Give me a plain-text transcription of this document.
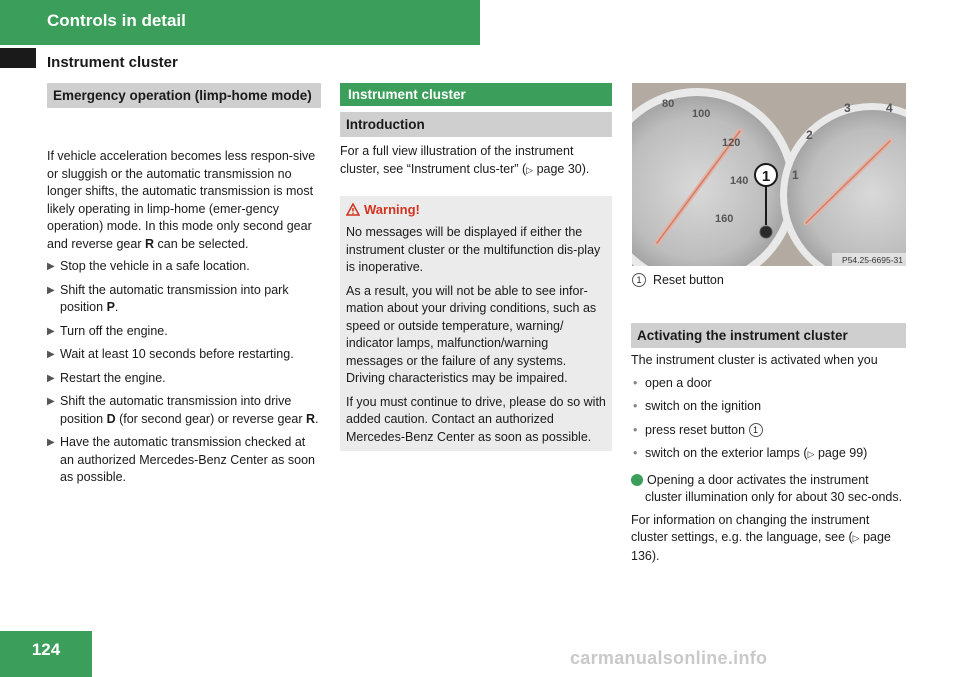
Controls in detail
Instrument cluster
Emergency operation (limp-home mode)

If vehicle acceleration becomes less respon-sive or sluggish or the automatic transmission no longer shifts, the automatic transmission is most likely operating in limp-home (emer-gency operation) mode. In this mode only second gear and reverse gear R can be selected.

▶ Stop the vehicle in a safe location.
▶ Shift the automatic transmission into park position P.
▶ Turn off the engine.
▶ Wait at least 10 seconds before restarting.
▶ Restart the engine.
▶ Shift the automatic transmission into drive position D (for second gear) or reverse gear R.
▶ Have the automatic transmission checked at an authorized Mercedes-Benz Center as soon as possible.
Instrument cluster
Introduction

For a full view illustration of the instrument cluster, see “Instrument clus-ter” (▷ page 30).

Warning!

No messages will be displayed if either the instrument cluster or the multifunction dis-play is inoperative.

As a result, you will not be able to see infor-mation about your driving conditions, such as speed or outside temperature, warning/ indicator lamps, malfunction/warning messages or the failure of any systems. Driving characteristics may be impaired.

If you must continue to drive, please do so with added caution. Contact an authorized Mercedes-Benz Center as soon as possible.

80
100
120
140
160
2
3	4
1
1
P54.25-6695-31
1 Reset button
Activating the instrument cluster

The instrument cluster is activated when you

• open a door
• switch on the ignition
• press reset button 1
• switch on the exterior lamps (▷ page 99)

i Opening a door activates the instrument cluster illumination only for about 30 sec-onds.

For information on changing the instrument cluster settings, e.g. the language, see (▷ page 136).

124	carmanualsonline.info
